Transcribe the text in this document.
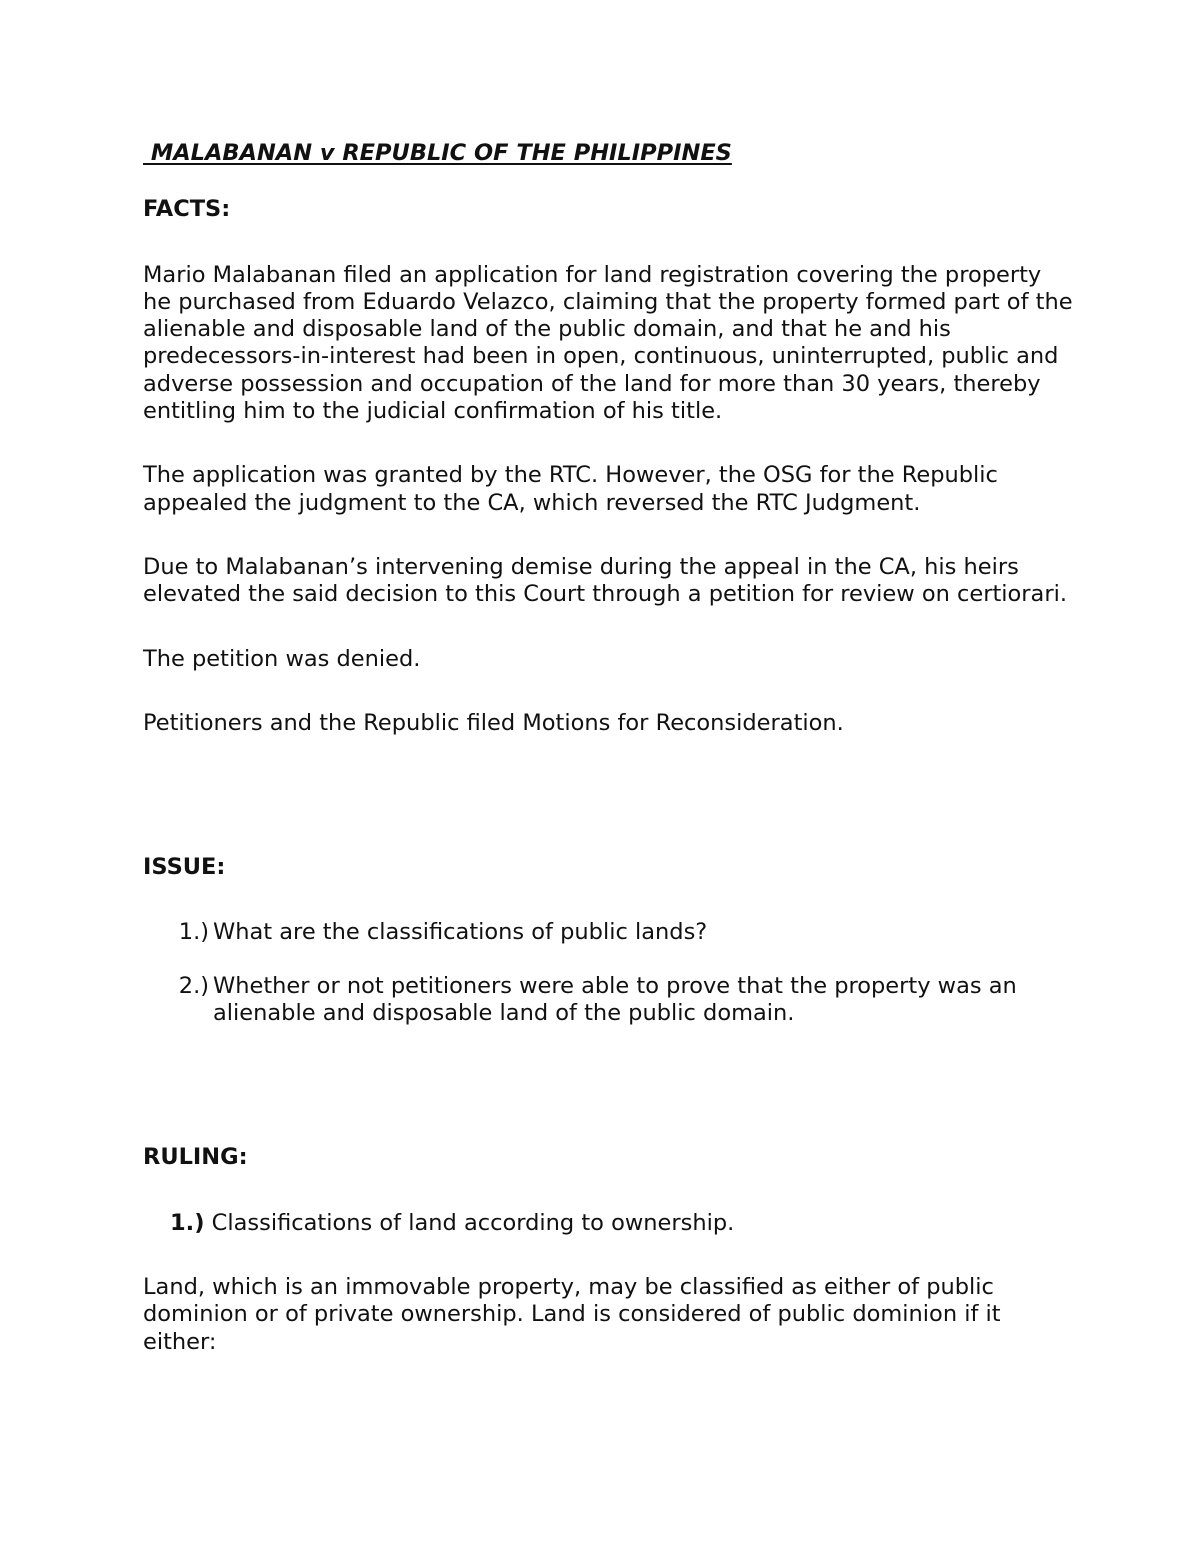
MALABANAN v REPUBLIC OF THE PHILIPPINES
FACTS:

Mario Malabanan filed an application for land registration covering the property he purchased from Eduardo Velazco, claiming that the property formed part of the alienable and disposable land of the public domain, and that he and his predecessors-in-interest had been in open, continuous, uninterrupted, public and adverse possession and occupation of the land for more than 30 years, thereby entitling him to the judicial confirmation of his title.

The application was granted by the RTC. However, the OSG for the Republic appealed the judgment to the CA, which reversed the RTC Judgment.

Due to Malabanan’s intervening demise during the appeal in the CA, his heirs elevated the said decision to this Court through a petition for review on certiorari.

The petition was denied.

Petitioners and the Republic filed Motions for Reconsideration.

ISSUE:
1.) What are the classifications of public lands?
2.) Whether or not petitioners were able to prove that the property was an alienable and disposable land of the public domain.
RULING:

1.) Classifications of land according to ownership.

Land, which is an immovable property, may be classified as either of public dominion or of private ownership. Land is considered of public dominion if it either:
